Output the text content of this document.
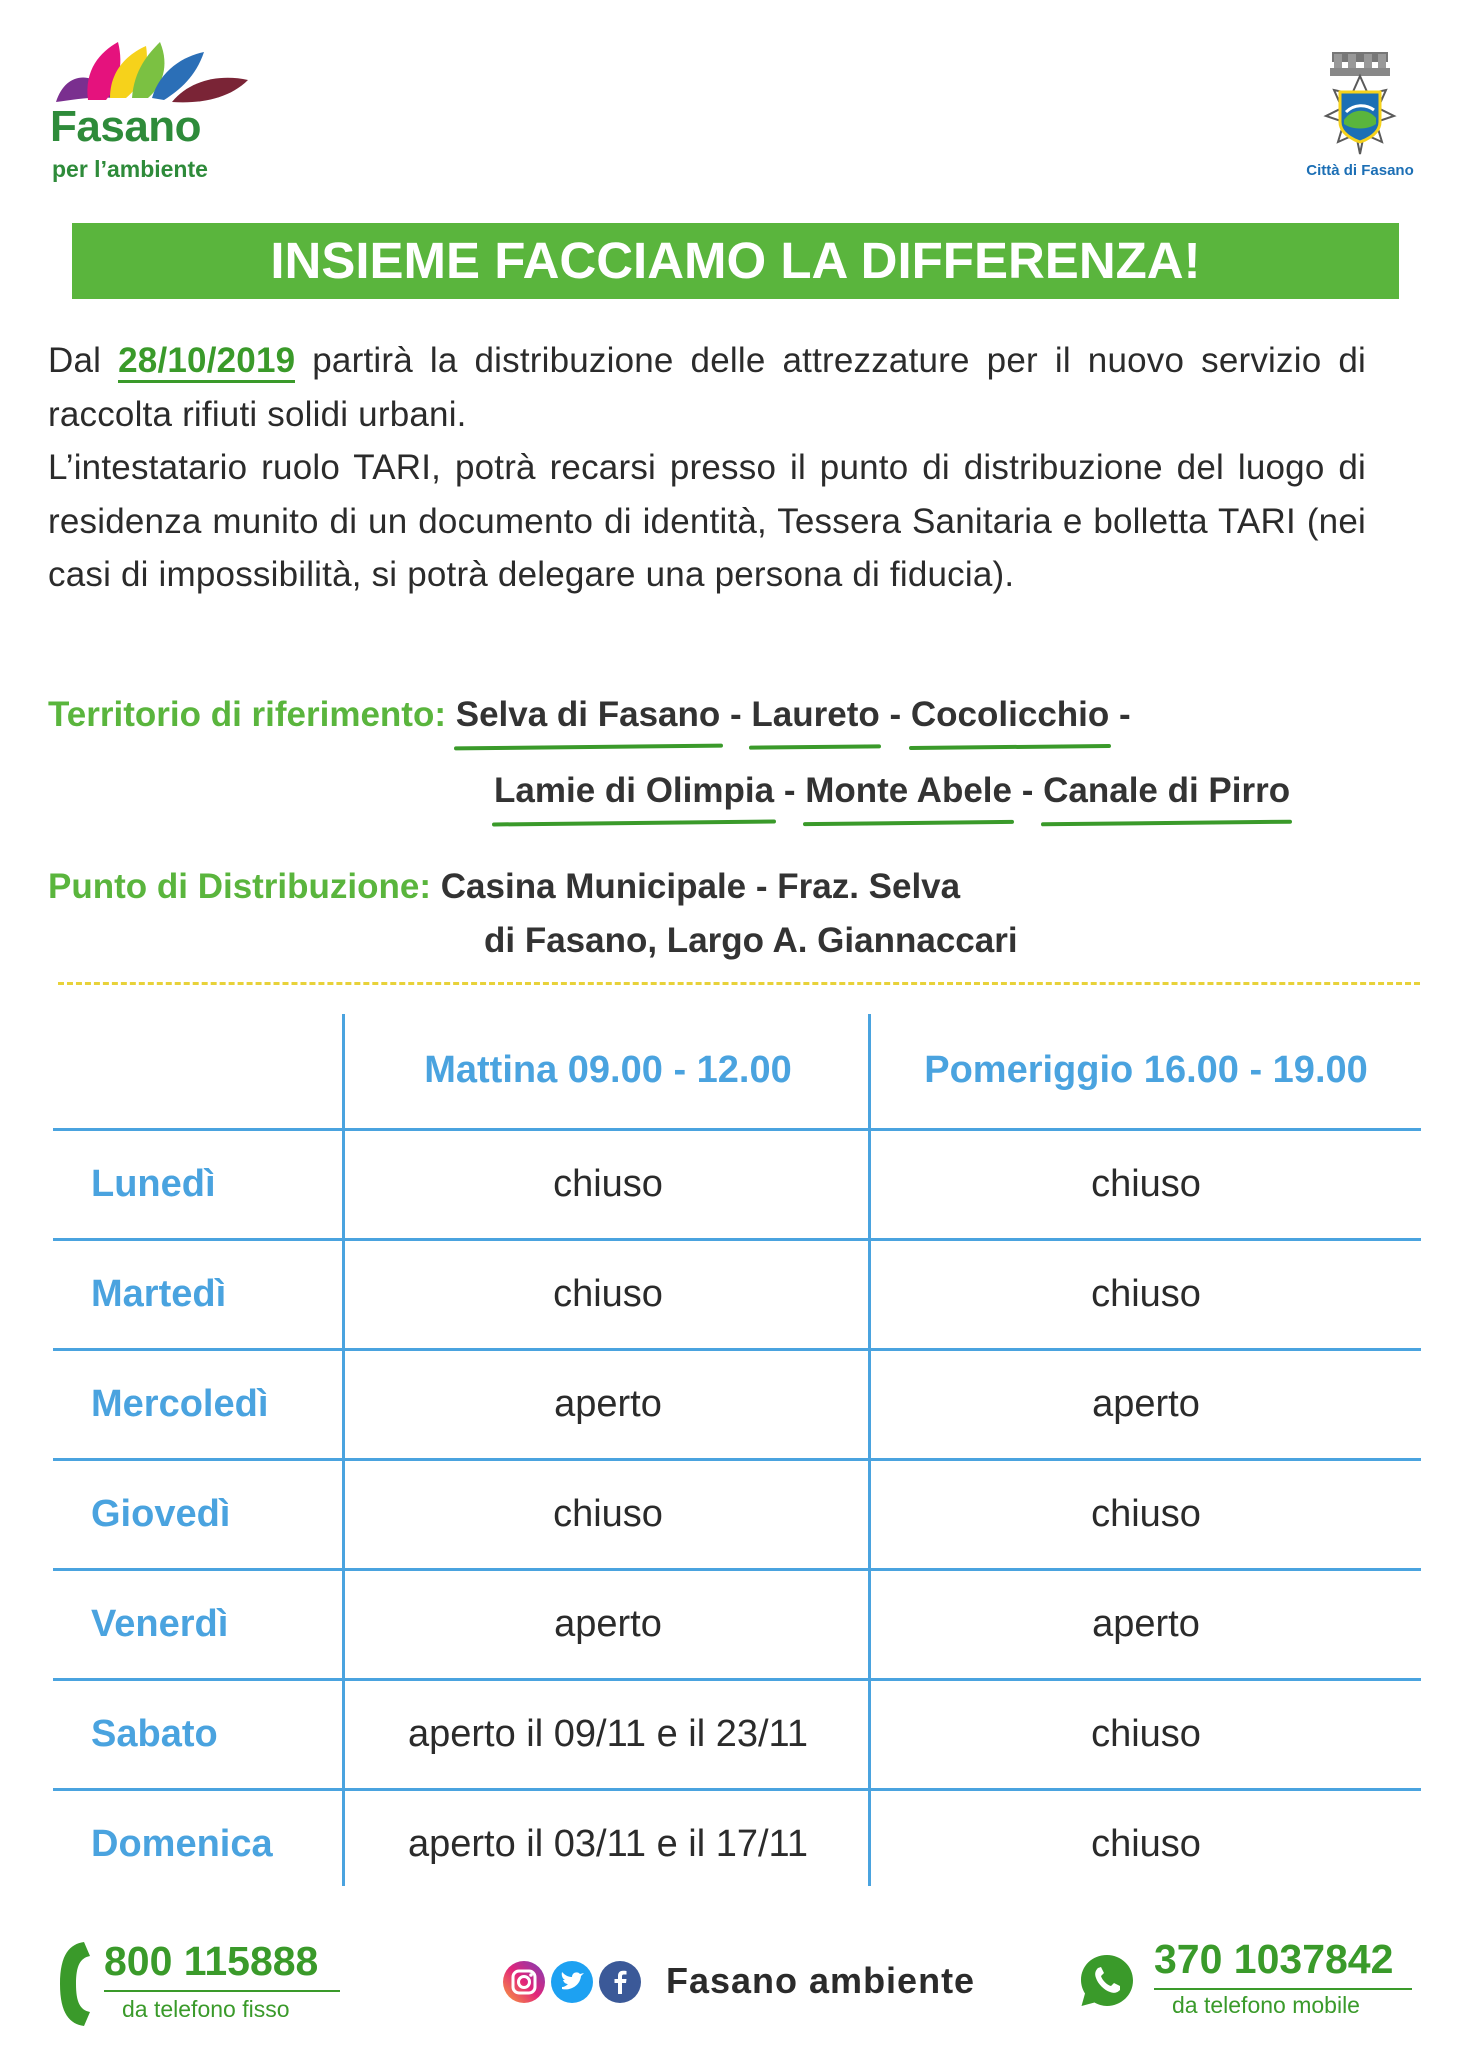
Fasano
per l’ambiente	Città di Fasano
INSIEME FACCIAMO LA DIFFERENZA!

Dal 28/10/2019 partirà la distribuzione delle attrezzature per il nuovo servizio di raccolta rifiuti solidi urbani.

L’intestatario ruolo TARI, potrà recarsi presso il punto di distribuzione del luogo di residenza munito di un documento di identità, Tessera Sanitaria e bolletta TARI (nei casi di impossibilità, si potrà delegare una persona di fiducia).

Territorio di riferimento: Selva di Fasano - Laureto - Cocolicchio -
Lamie di Olimpia - Monte Abele - Canale di Pirro
Punto di Distribuzione: Casina Municipale - Fraz. Selva
di Fasano, Largo A. Giannaccari
Mattina 09.00 - 12.00	Pomeriggio 16.00 - 19.00
Lunedì	chiuso	chiuso
Martedì	chiuso	chiuso
Mercoledì	aperto	aperto
Giovedì	chiuso	chiuso
Venerdì	aperto	aperto
Sabato	aperto il 09/11 e il 23/11	chiuso
Domenica	aperto il 03/11 e il 17/11	chiuso
800 115888
da telefono fisso
Fasano ambiente	370 1037842
da telefono mobile
